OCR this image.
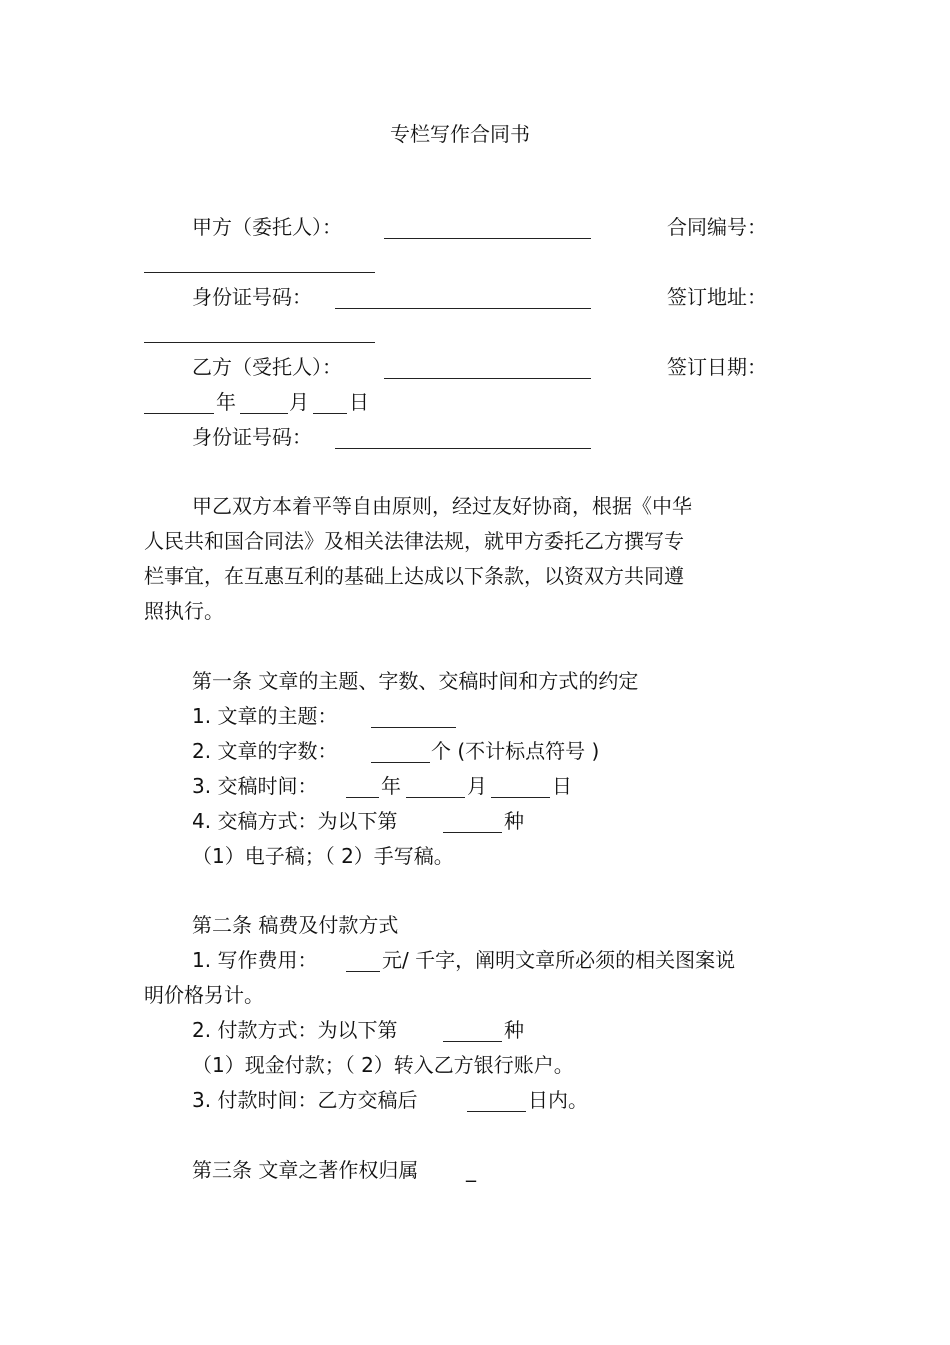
专栏写作合同书
甲方（委托人）：	合同编号：
身份证号码：	签订地址：
乙方（受托人）：	签订日期：
年	月 日
身份证号码：
甲乙双方本着平等自由原则，经过友好协商，根据《中华
人民共和国合同法》及相关法律法规，就甲方委托乙方撰写专
栏事宜，在互惠互利的基础上达成以下条款，以资双方共同遵
照执行。
第一条 文章的主题、字数、交稿时间和方式的约定
1. 文章的主题：
2. 文章的字数：	个 (不计标点符号 )
3. 交稿时间：	年	月	日
4. 交稿方式：为以下第	种
（1）电子稿；（ 2）手写稿。
第二条 稿费及付款方式
1. 写作费用：	元/ 千字，阐明文章所必须的相关图案说
明价格另计。
2. 付款方式：为以下第	种
（1）现金付款；（ 2）转入乙方银行账户。
3. 付款时间：乙方交稿后	日内。
第三条 文章之著作权归属 _
